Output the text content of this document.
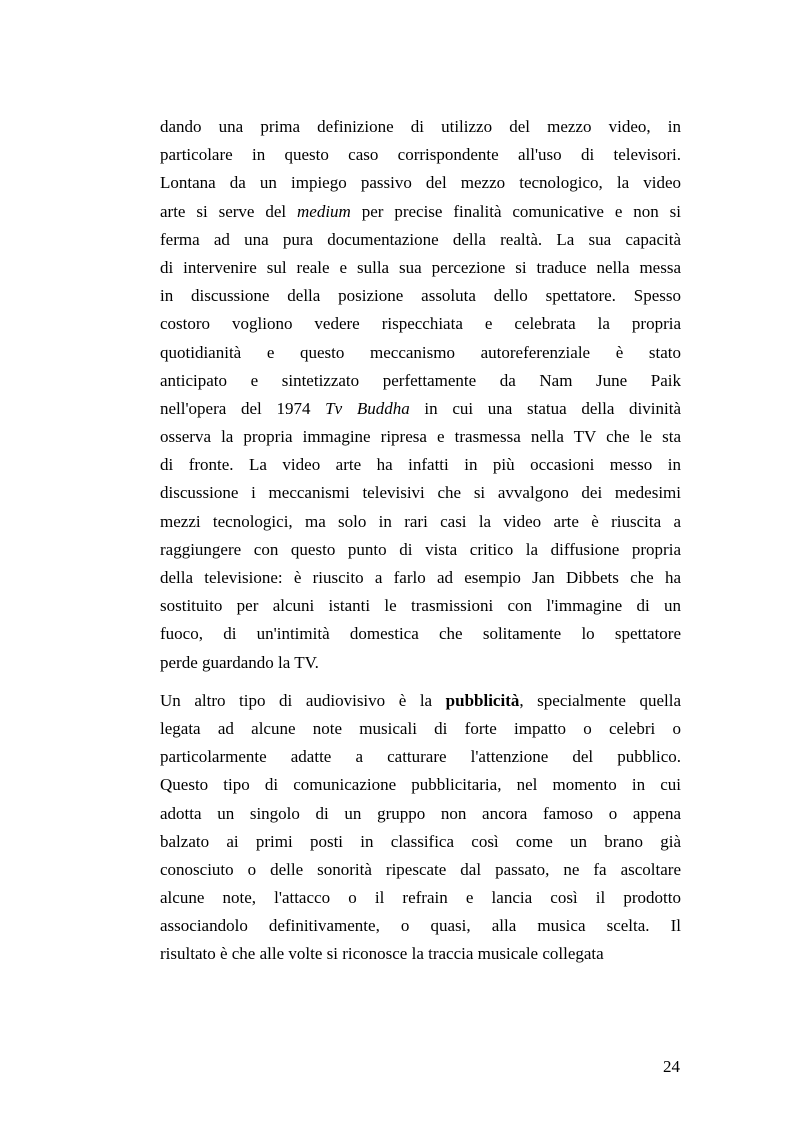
dando una prima definizione di utilizzo del mezzo video, in
particolare in questo caso corrispondente all'uso di televisori.
Lontana da un impiego passivo del mezzo tecnologico, la video
arte si serve del medium per precise finalità comunicative e non si
ferma ad una pura documentazione della realtà. La sua capacità
di intervenire sul reale e sulla sua percezione si traduce nella messa
in discussione della posizione assoluta dello spettatore. Spesso
costoro vogliono vedere rispecchiata e celebrata la propria
quotidianità e questo meccanismo autoreferenziale è stato
anticipato e sintetizzato perfettamente da Nam June Paik
nell'opera del 1974 Tv Buddha in cui una statua della divinità
osserva la propria immagine ripresa e trasmessa nella TV che le sta
di fronte. La video arte ha infatti in più occasioni messo in
discussione i meccanismi televisivi che si avvalgono dei medesimi
mezzi tecnologici, ma solo in rari casi la video arte è riuscita a
raggiungere con questo punto di vista critico la diffusione propria
della televisione: è riuscito a farlo ad esempio Jan Dibbets che ha
sostituito per alcuni istanti le trasmissioni con l'immagine di un
fuoco, di un'intimità domestica che solitamente lo spettatore
perde guardando la TV.
Un altro tipo di audiovisivo è la pubblicità, specialmente quella
legata ad alcune note musicali di forte impatto o celebri o
particolarmente adatte a catturare l'attenzione del pubblico.
Questo tipo di comunicazione pubblicitaria, nel momento in cui
adotta un singolo di un gruppo non ancora famoso o appena
balzato ai primi posti in classifica così come un brano già
conosciuto o delle sonorità ripescate dal passato, ne fa ascoltare
alcune note, l'attacco o il refrain e lancia così il prodotto
associandolo definitivamente, o quasi, alla musica scelta. Il
risultato è che alle volte si riconosce la traccia musicale collegata
24
